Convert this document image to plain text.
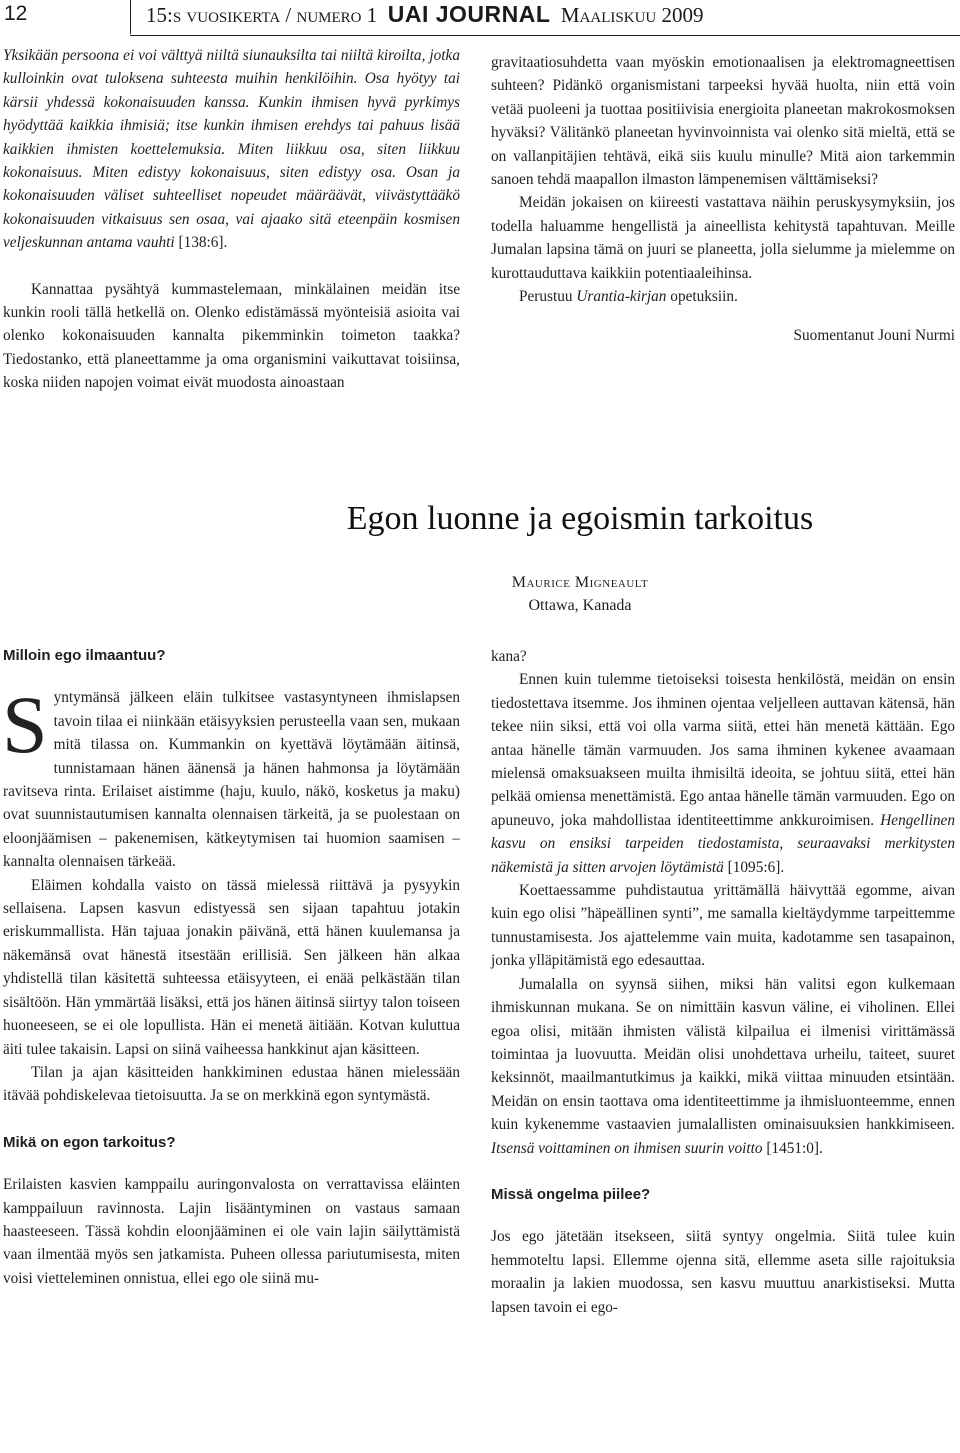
12	15:s vuosikerta / numero 1 UAI JOURNAL Maaliskuu 2009

Yksikään persoona ei voi välttyä niiltä siunauksilta tai niiltä kiroilta, jotka kulloinkin ovat tuloksena suhteesta muihin henkilöihin. Osa hyötyy tai kärsii yhdessä kokonaisuuden kanssa. Kunkin ihmisen hyvä pyrkimys hyödyttää kaikkia ihmisiä; itse kunkin ihmisen erehdys tai pahuus lisää kaikkien ihmisten koettelemuksia. Miten liikkuu osa, siten liikkuu kokonaisuus. Miten edistyy kokonaisuus, siten edistyy osa. Osan ja kokonaisuuden väliset suhteelliset nopeudet määräävät, viivästyttääkö kokonaisuuden vitkaisuus sen osaa, vai ajaako sitä eteenpäin kosmisen veljeskunnan antama vauhti [138:6].

Kannattaa pysähtyä kummastelemaan, minkälainen meidän itse kunkin rooli tällä hetkellä on. Olenko edistämässä myönteisiä asioita vai olenko kokonaisuuden kannalta pikemminkin toimeton taakka? Tiedostanko, että planeettamme ja oma organismini vaikuttavat toisiinsa, koska niiden napojen voimat eivät muodosta ainoastaan

gravitaatiosuhdetta vaan myöskin emotionaalisen ja elektromagneettisen suhteen? Pidänkö organismistani tarpeeksi hyvää huolta, niin että voin vetää puoleeni ja tuottaa positiivisia energioita planeetan makrokosmoksen hyväksi? Välitänkö planeetan hyvinvoinnista vai olenko sitä mieltä, että se on vallanpitäjien tehtävä, eikä siis kuulu minulle? Mitä aion tarkemmin sanoen tehdä maapallon ilmaston lämpenemisen välttämiseksi?

Meidän jokaisen on kiireesti vastattava näihin peruskysymyksiin, jos todella haluamme hengellistä ja aineellista kehitystä tapahtuvan. Meille Jumalan lapsina tämä on juuri se planeetta, jolla sielumme ja mielemme on kurottauduttava kaikkiin potentiaaleihinsa.

Perustuu Urantia-kirjan opetuksiin.

Suomentanut Jouni Nurmi

Egon luonne ja egoismin tarkoitus
Maurice Migneault
Ottawa, Kanada

Milloin ego ilmaantuu?

Syntymänsä jälkeen eläin tulkitsee vastasyntyneen ihmislapsen tavoin tilaa ei niinkään etäisyyksien perusteella vaan sen, mukaan mitä tilassa on. Kummankin on kyettävä löytämään äitinsä, tunnistamaan hänen äänensä ja hänen hahmonsa ja löytämään ravitseva rinta. Erilaiset aistimme (haju, kuulo, näkö, kosketus ja maku) ovat suunnistautumisen kannalta olennaisen tärkeitä, ja se puolestaan on eloonjäämisen – pakenemisen, kätkeytymisen tai huomion saamisen – kannalta olennaisen tärkeää.

Eläimen kohdalla vaisto on tässä mielessä riittävä ja pysyykin sellaisena. Lapsen kasvun edistyessä sen sijaan tapahtuu jotakin eriskummallista. Hän tajuaa jonakin päivänä, että hänen kuulemansa ja näkemänsä ovat hänestä itsestään erillisiä. Sen jälkeen hän alkaa yhdistellä tilan käsitettä suhteessa etäisyyteen, ei enää pelkästään tilan sisältöön. Hän ymmärtää lisäksi, että jos hänen äitinsä siirtyy talon toiseen huoneeseen, se ei ole lopullista. Hän ei menetä äitiään. Kotvan kuluttua äiti tulee takaisin. Lapsi on siinä vaiheessa hankkinut ajan käsitteen.

Tilan ja ajan käsitteiden hankkiminen edustaa hänen mielessään itävää pohdiskelevaa tietoisuutta. Ja se on merkkinä egon syntymästä.

Mikä on egon tarkoitus?

Erilaisten kasvien kamppailu auringonvalosta on verrattavissa eläinten kamppailuun ravinnosta. Lajin lisääntyminen on vastaus samaan haasteeseen. Tässä kohdin eloonjääminen ei ole vain lajin säilyttämistä vaan ilmentää myös sen jatkamista. Puheen ollessa pariutumisesta, miten voisi vietteleminen onnistua, ellei ego ole siinä mu-

kana?

Ennen kuin tulemme tietoiseksi toisesta henkilöstä, meidän on ensin tiedostettava itsemme. Jos ihminen ojentaa veljelleen auttavan kätensä, hän tekee niin siksi, että voi olla varma siitä, ettei hän menetä kättään. Ego antaa hänelle tämän varmuuden. Jos sama ihminen kykenee avaamaan mielensä omaksuakseen muilta ihmisiltä ideoita, se johtuu siitä, ettei hän pelkää omiensa menettämistä. Ego antaa hänelle tämän varmuuden. Ego on apuneuvo, joka mahdollistaa identiteettimme ankkuroimisen. Hengellinen kasvu on ensiksi tarpeiden tiedostamista, seuraavaksi merkitysten näkemistä ja sitten arvojen löytämistä [1095:6].

Koettaessamme puhdistautua yrittämällä häivyttää egomme, aivan kuin ego olisi ”häpeällinen synti”, me samalla kieltäydymme tarpeittemme tunnustamisesta. Jos ajattelemme vain muita, kadotamme sen tasapainon, jonka ylläpitämistä ego edesauttaa.

Jumalalla on syynsä siihen, miksi hän valitsi egon kulkemaan ihmiskunnan mukana. Se on nimittäin kasvun väline, ei viholinen. Ellei egoa olisi, mitään ihmisten välistä kilpailua ei ilmenisi virittämässä toimintaa ja luovuutta. Meidän olisi unohdettava urheilu, taiteet, suuret keksinnöt, maailmantutkimus ja kaikki, mikä viittaa minuuden etsintään. Meidän on ensin taottava oma identiteettimme ja ihmisluonteemme, ennen kuin kykenemme vastaavien jumalallisten ominaisuuksien hankkimiseen. Itsensä voittaminen on ihmisen suurin voitto [1451:0].

Missä ongelma piilee?

Jos ego jätetään itsekseen, siitä syntyy ongelmia. Siitä tulee kuin hemmoteltu lapsi. Ellemme ojenna sitä, ellemme aseta sille rajoituksia moraalin ja lakien muodossa, sen kasvu muuttuu anarkistiseksi. Mutta lapsen tavoin ei ego-
